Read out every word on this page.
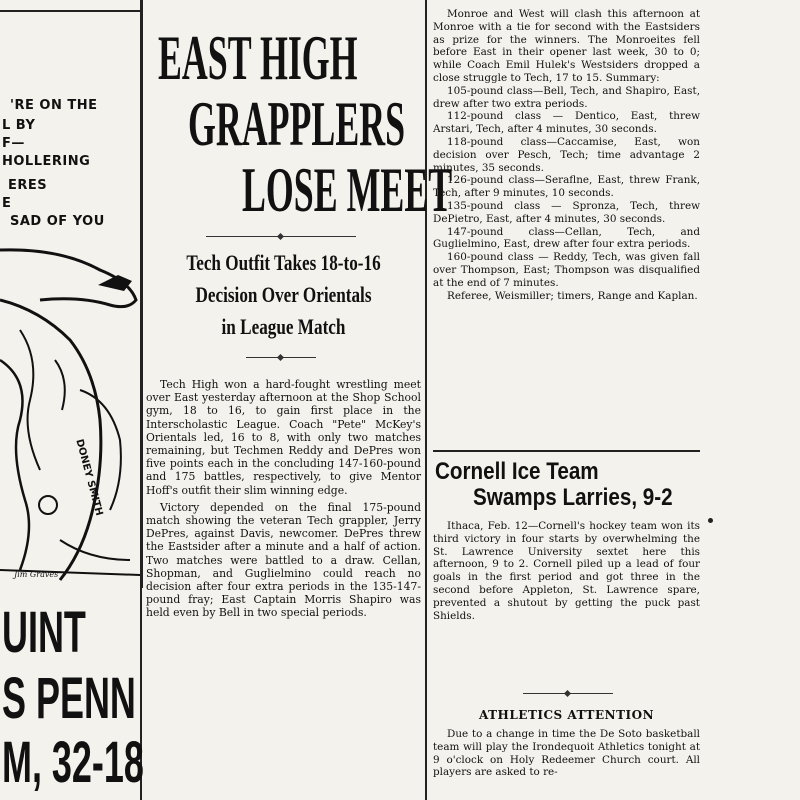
'RE ON THE
L BY
F—
HOLLERING
ERES
E
SAD OF YOU
DONEY SMITH
Jim Graves
UINT
S PENN
M, 32-18
EAST HIGH
GRAPPLERS
LOSE MEET
Tech Outfit Takes 18-to-16
Decision Over Orientals
in League Match

Tech High won a hard-fought wrestling meet over East yesterday afternoon at the Shop School gym, 18 to 16, to gain first place in the Interscholastic League. Coach "Pete" McKey's Orientals led, 16 to 8, with only two matches remaining, but Techmen Reddy and DePres won five points each in the concluding 147-160-pound and 175 battles, respectively, to give Mentor Hoff's outfit their slim winning edge.

Victory depended on the final 175-pound match showing the veteran Tech grappler, Jerry DePres, against Davis, newcomer. DePres threw the Eastsider after a minute and a half of action. Two matches were battled to a draw. Cellan, Shopman, and Guglielmino could reach no decision after four extra periods in the 135-147-pound fray; East Captain Morris Shapiro was held even by Bell in two special periods.

Monroe and West will clash this afternoon at Monroe with a tie for second with the Eastsiders as prize for the winners. The Monroeites fell before East in their opener last week, 30 to 0; while Coach Emil Hulek's Westsiders dropped a close struggle to Tech, 17 to 15. Summary:

105-pound class—Bell, Tech, and Shapiro, East, drew after two extra periods.

112-pound class — Dentico, East, threw Arstari, Tech, after 4 minutes, 30 seconds.

118-pound class—Caccamise, East, won decision over Pesch, Tech; time advantage 2 minutes, 35 seconds.

126-pound class—Seraflne, East, threw Frank, Tech, after 9 minutes, 10 seconds.

135-pound class — Spronza, Tech, threw DePietro, East, after 4 minutes, 30 seconds.

147-pound class—Cellan, Tech, and Guglielmino, East, drew after four extra periods.

160-pound class — Reddy, Tech, was given fall over Thompson, East; Thompson was disqualified at the end of 7 minutes.

Referee, Weismiller; timers, Range and Kaplan.

Cornell Ice Team
Swamps Larries, 9-2

Ithaca, Feb. 12—Cornell's hockey team won its third victory in four starts by overwhelming the St. Lawrence University sextet here this afternoon, 9 to 2. Cornell piled up a lead of four goals in the first period and got three in the second before Appleton, St. Lawrence spare, prevented a shutout by getting the puck past Shields.

ATHLETICS ATTENTION

Due to a change in time the De Soto basketball team will play the Irondequoit Athletics tonight at 9 o'clock on Holy Redeemer Church court. All players are asked to re-
